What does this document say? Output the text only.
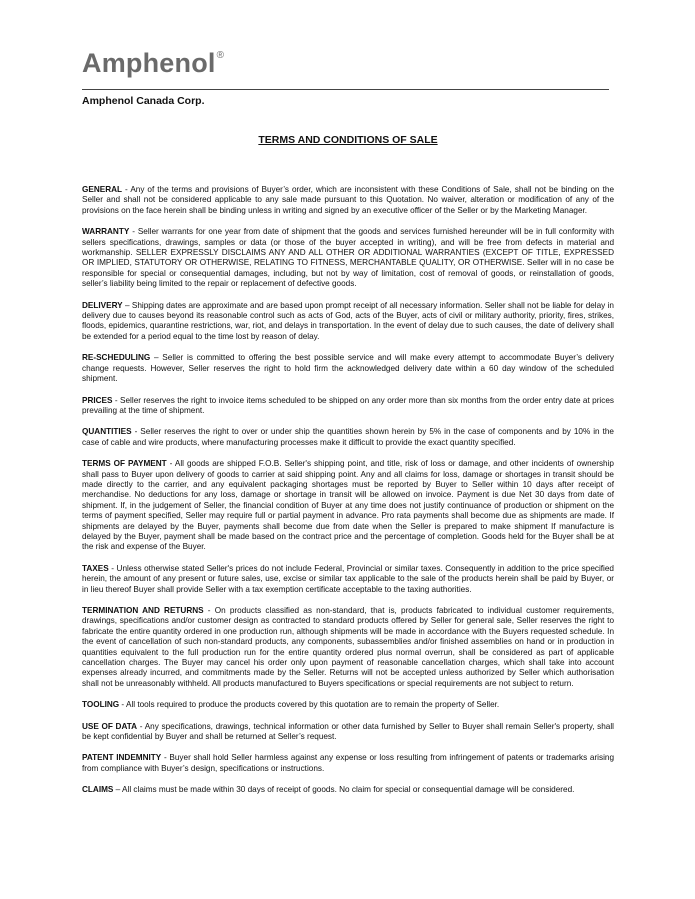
Amphenol®
Amphenol Canada Corp.
TERMS AND CONDITIONS OF SALE

GENERAL - Any of the terms and provisions of Buyer’s order, which are inconsistent with these Conditions of Sale, shall not be binding on the Seller and shall not be considered applicable to any sale made pursuant to this Quotation. No waiver, alteration or modification of any of the provisions on the face herein shall be binding unless in writing and signed by an executive officer of the Seller or by the Marketing Manager.

WARRANTY - Seller warrants for one year from date of shipment that the goods and services furnished hereunder will be in full conformity with sellers specifications, drawings, samples or data (or those of the buyer accepted in writing), and will be free from defects in material and workmanship. SELLER EXPRESSLY DISCLAIMS ANY AND ALL OTHER OR ADDITIONAL WARRANTIES (EXCEPT OF TITLE, EXPRESSED OR IMPLIED, STATUTORY OR OTHERWISE, RELATING TO FITNESS, MERCHANTABLE QUALITY, OR OTHERWISE. Seller will in no case be responsible for special or consequential damages, including, but not by way of limitation, cost of removal of goods, or reinstallation of goods, seller’s liability being limited to the repair or replacement of defective goods.

DELIVERY – Shipping dates are approximate and are based upon prompt receipt of all necessary information. Seller shall not be liable for delay in delivery due to causes beyond its reasonable control such as acts of God, acts of the Buyer, acts of civil or military authority, priority, fires, strikes, floods, epidemics, quarantine restrictions, war, riot, and delays in transportation. In the event of delay due to such causes, the date of delivery shall be extended for a period equal to the time lost by reason of delay.

RE-SCHEDULING – Seller is committed to offering the best possible service and will make every attempt to accommodate Buyer’s delivery change requests. However, Seller reserves the right to hold firm the acknowledged delivery date within a 60 day window of the scheduled shipment.

PRICES - Seller reserves the right to invoice items scheduled to be shipped on any order more than six months from the order entry date at prices prevailing at the time of shipment.

QUANTITIES - Seller reserves the right to over or under ship the quantities shown herein by 5% in the case of components and by 10% in the case of cable and wire products, where manufacturing processes make it difficult to provide the exact quantity specified.

TERMS OF PAYMENT - All goods are shipped F.O.B. Seller's shipping point, and title, risk of loss or damage, and other incidents of ownership shall pass to Buyer upon delivery of goods to carrier at said shipping point. Any and all claims for loss, damage or shortages in transit should be made directly to the carrier, and any equivalent packaging shortages must be reported by Buyer to Seller within 10 days after receipt of merchandise. No deductions for any loss, damage or shortage in transit will be allowed on invoice. Payment is due Net 30 days from date of shipment. If, in the judgement of Seller, the financial condition of Buyer at any time does not justify continuance of production or shipment on the terms of payment specified, Seller may require full or partial payment in advance. Pro rata payments shall become due as shipments are made. If shipments are delayed by the Buyer, payments shall become due from date when the Seller is prepared to make shipment If manufacture is delayed by the Buyer, payment shall be made based on the contract price and the percentage of completion. Goods held for the Buyer shall be at the risk and expense of the Buyer.

TAXES - Unless otherwise stated Seller's prices do not include Federal, Provincial or similar taxes. Consequently in addition to the price specified herein, the amount of any present or future sales, use, excise or similar tax applicable to the sale of the products herein shall be paid by Buyer, or in lieu thereof Buyer shall provide Seller with a tax exemption certificate acceptable to the taxing authorities.

TERMINATION AND RETURNS - On products classified as non-standard, that is, products fabricated to individual customer requirements, drawings, specifications and/or customer design as contracted to standard products offered by Seller for general sale, Seller reserves the right to fabricate the entire quantity ordered in one production run, although shipments will be made in accordance with the Buyers requested schedule. In the event of cancellation of such non-standard products, any components, subassemblies and/or finished assemblies on hand or in production in quantities equivalent to the full production run for the entire quantity ordered plus normal overrun, shall be considered as part of applicable cancellation charges. The Buyer may cancel his order only upon payment of reasonable cancellation charges, which shall take into account expenses already incurred, and commitments made by the Seller. Returns will not be accepted unless authorized by Seller which authorisation shall not be unreasonably withheld. All products manufactured to Buyers specifications or special requirements are not subject to return.

TOOLING - All tools required to produce the products covered by this quotation are to remain the property of Seller.

USE OF DATA - Any specifications, drawings, technical information or other data furnished by Seller to Buyer shall remain Seller's property, shall be kept confidential by Buyer and shall be returned at Seller’s request.

PATENT INDEMNITY - Buyer shall hold Seller harmless against any expense or loss resulting from infringement of patents or trademarks arising from compliance with Buyer’s design, specifications or instructions.

CLAIMS – All claims must be made within 30 days of receipt of goods. No claim for special or consequential damage will be considered.
